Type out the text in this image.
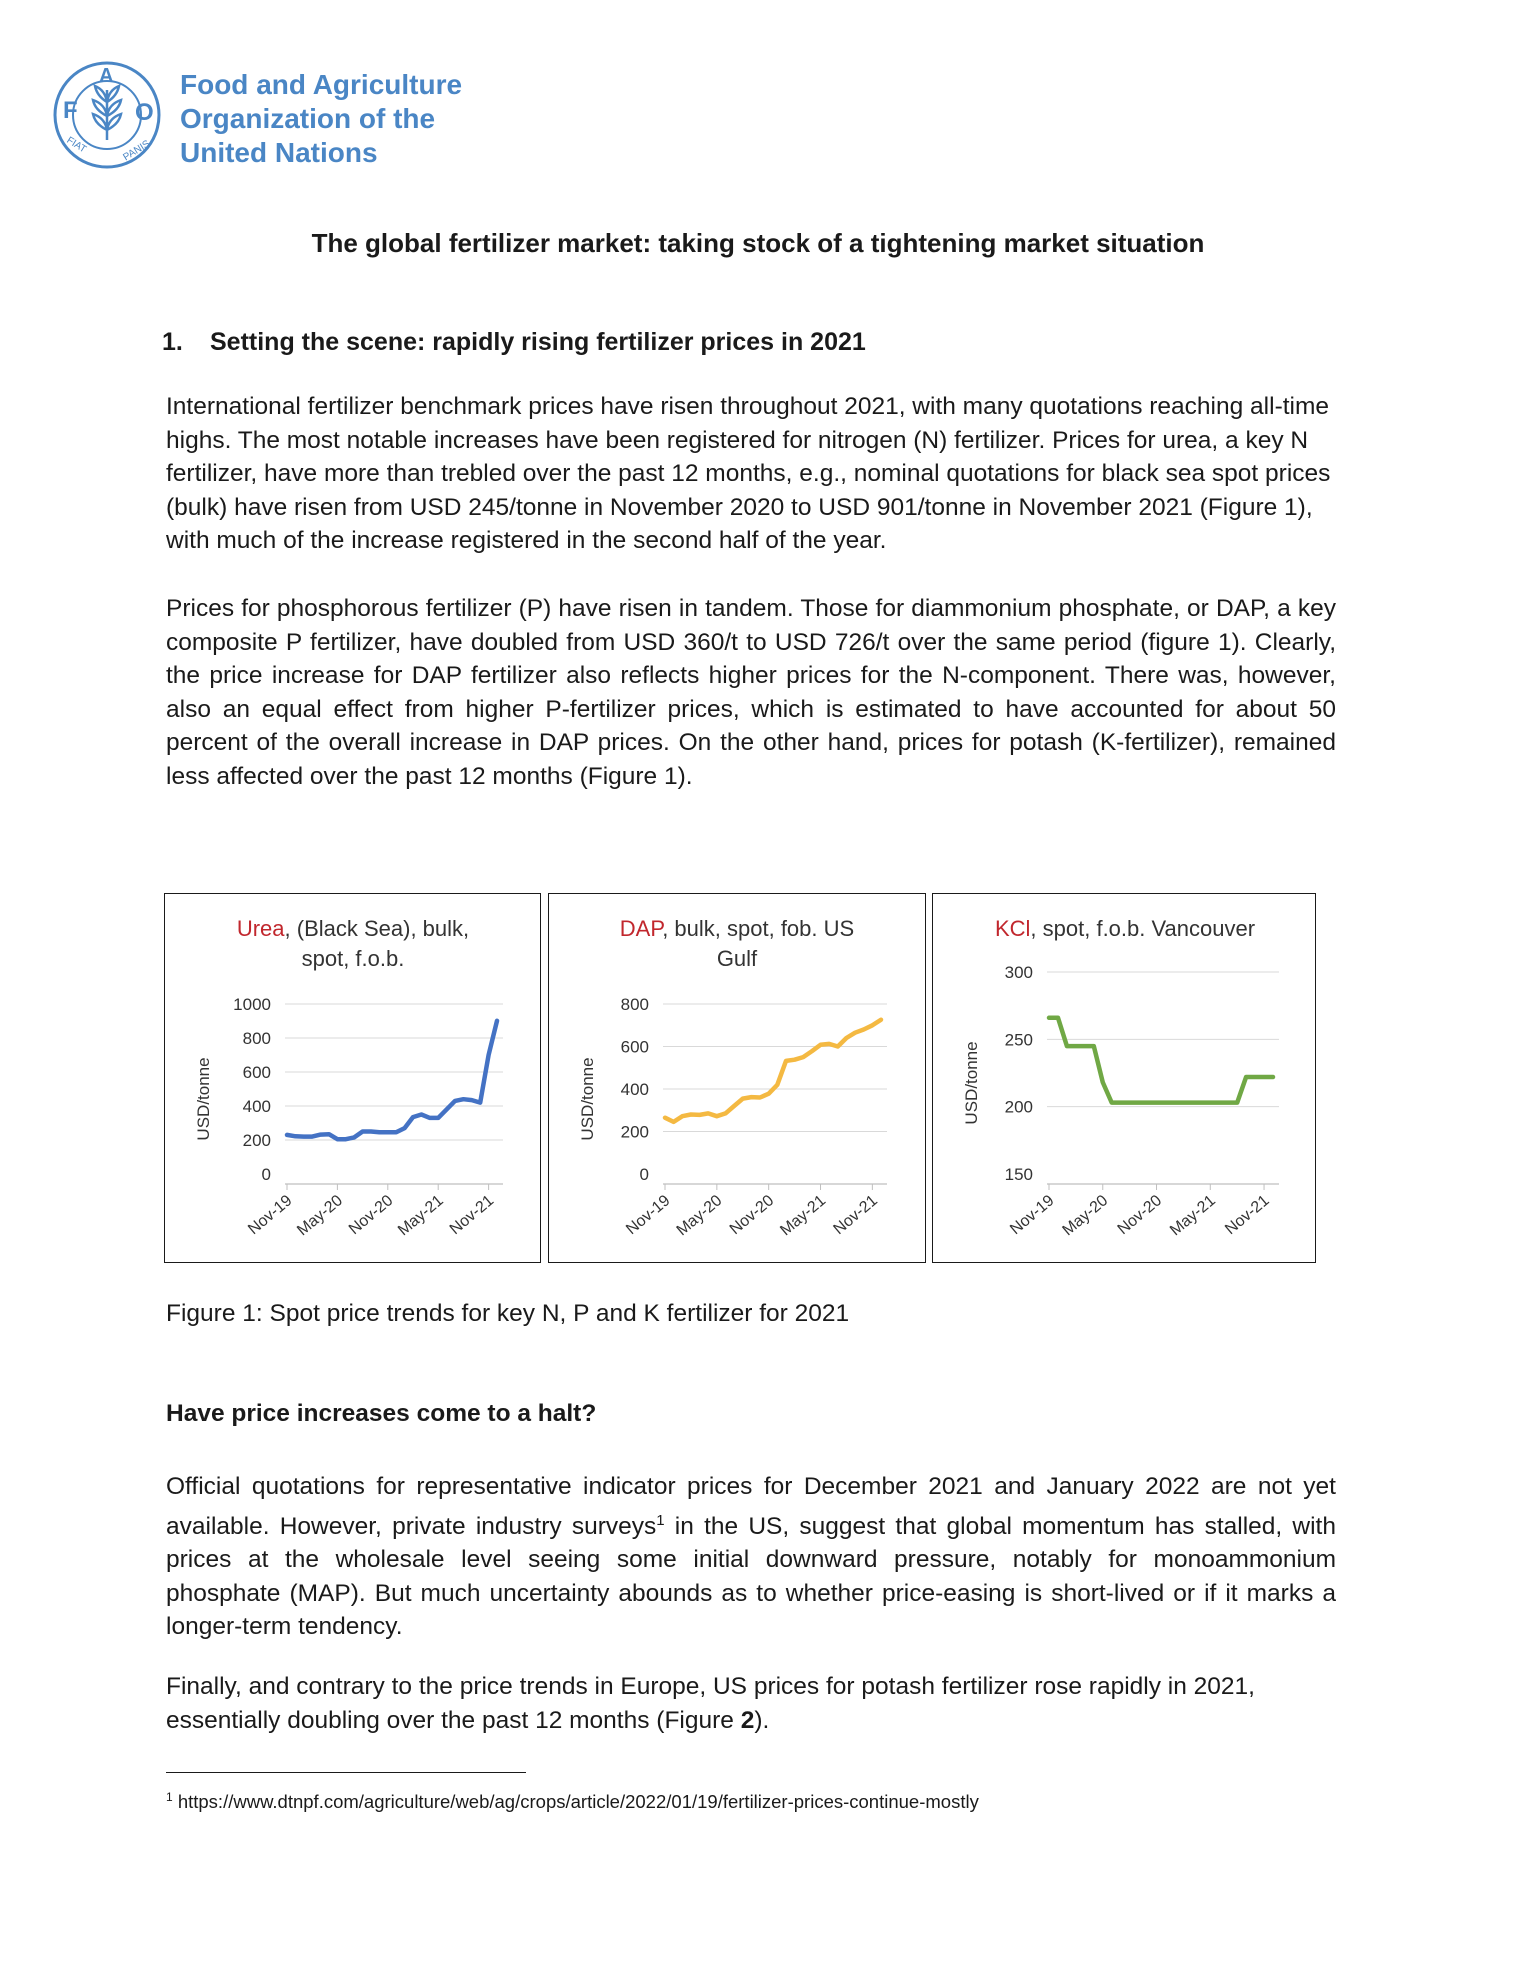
F
A
O
FIAT	PANIS
Food and Agriculture
Organization of the
United Nations
The global fertilizer market: taking stock of a tightening market situation
1. Setting the scene: rapidly rising fertilizer prices in 2021

International fertilizer benchmark prices have risen throughout 2021, with many quotations reaching all-time highs. The most notable increases have been registered for nitrogen (N) fertilizer. Prices for urea, a key N fertilizer, have more than trebled over the past 12 months, e.g., nominal quotations for black sea spot prices (bulk) have risen from USD 245/tonne in November 2020 to USD 901/tonne in November 2021 (Figure 1), with much of the increase registered in the second half of the year.

Prices for phosphorous fertilizer (P) have risen in tandem. Those for diammonium phosphate, or DAP, a key composite P fertilizer, have doubled from USD 360/t to USD 726/t over the same period (figure 1). Clearly, the price increase for DAP fertilizer also reflects higher prices for the N-component. There was, however, also an equal effect from higher P-fertilizer prices, which is estimated to have accounted for about 50 percent of the overall increase in DAP prices. On the other hand, prices for potash (K-fertilizer), remained less affected over the past 12 months (Figure 1).

Urea, (Black Sea), bulk,
spot, f.o.b.
0
200
400
600
800
1000
USD/tonne
Nov-19
May-20 Nov-20
May-21 Nov-21
DAP, bulk, spot, fob. US
Gulf
0
200
400
600
800
USD/tonne
Nov-19 May-20 Nov-20 May-21 Nov-21
KCl, spot, f.o.b. Vancouver
150
200
250
300
USD/tonne
Nov-19 May-20 Nov-20 May-21 Nov-21
Figure 1: Spot price trends for key N, P and K fertilizer for 2021
Have price increases come to a halt?

Official quotations for representative indicator prices for December 2021 and January 2022 are not yet available. However, private industry surveys$^1$ in the US, suggest that global momentum has stalled, with prices at the wholesale level seeing some initial downward pressure, notably for monoammonium phosphate (MAP). But much uncertainty abounds as to whether price-easing is short-lived or if it marks a longer-term tendency.

Finally, and contrary to the price trends in Europe, US prices for potash fertilizer rose rapidly in 2021, essentially doubling over the past 12 months (Figure 2).

$^1$ https://www.dtnpf.com/agriculture/web/ag/crops/article/2022/01/19/fertilizer-prices-continue-mostly
